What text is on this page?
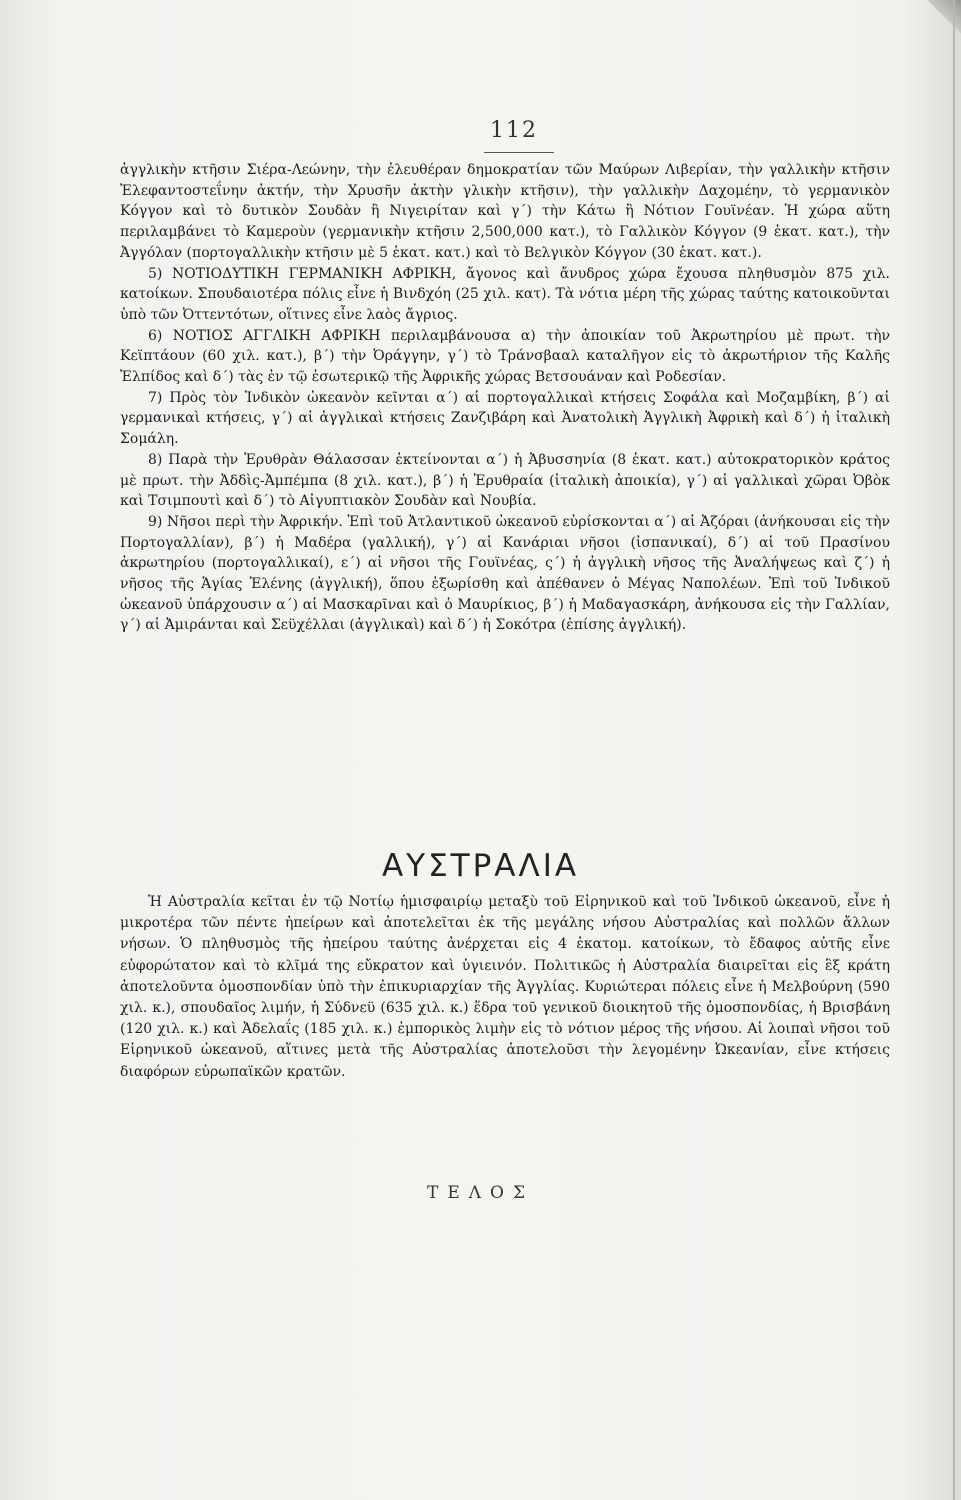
112

ἀγγλικὴν κτῆσιν Σιέρα-Λεώνην, τὴν ἐλευθέραν δημοκρατίαν τῶν Μαύρων Λιβερίαν, τὴν γαλλικὴν κτῆσιν Ἐλεφαντοστεΐνην ἀκτήν, τὴν Χρυσῆν ἀκτὴν γλικὴν κτῆσιν), τὴν γαλλικὴν Δαχομέην, τὸ γερμανικὸν Κόγγον καὶ τὸ δυτικὸν Σουδὰν ἢ Νιγειρίταν καὶ γ΄) τὴν Κάτω ἢ Νότιον Γουϊνέαν. Ἡ χώρα αὕτη περιλαμβάνει τὸ Καμεροὺν (γερμανικὴν κτῆσιν 2,500,000 κατ.), τὸ Γαλλικὸν Κόγγον (9 ἑκατ. κατ.), τὴν Ἀγγόλαν (πορτογαλλικὴν κτῆσιν μὲ 5 ἑκατ. κατ.) καὶ τὸ Βελγικὸν Κόγγον (30 ἑκατ. κατ.).

5) ΝΟΤΙΟΔΥΤΙΚΗ ΓΕΡΜΑΝΙΚΗ ΑΦΡΙΚΗ, ἄγονος καὶ ἄνυδρος χώρα ἔχουσα πληθυσμὸν 875 χιλ. κατοίκων. Σπουδαιοτέρα πόλις εἶνε ἡ Βινδχόη (25 χιλ. κατ). Τὰ νότια μέρη τῆς χώρας ταύτης κατοικοῦνται ὑπὸ τῶν Ὀττεντότων, οἵτινες εἶνε λαὸς ἄγριος.

6) ΝΟΤΙΟΣ ΑΓΓΛΙΚΗ ΑΦΡΙΚΗ περιλαμβάνουσα α) τὴν ἀποικίαν τοῦ Ἀκρωτηρίου μὲ πρωτ. τὴν Κεϊπτάουν (60 χιλ. κατ.), β΄) τὴν Ὀράγγην, γ΄) τὸ Τράνσβααλ καταλῆγον εἰς τὸ ἀκρωτήριον τῆς Καλῆς Ἐλπίδος καὶ δ΄) τὰς ἐν τῷ ἐσωτερικῷ τῆς Ἀφρικῆς χώρας Βετσουάναν καὶ Ροδεσίαν.

7) Πρὸς τὸν Ἰνδικὸν ὠκεανὸν κεῖνται α΄) αἱ πορτογαλλικαὶ κτήσεις Σοφάλα καὶ Μοζαμβίκη, β΄) αἱ γερμανικαὶ κτήσεις, γ΄) αἱ ἀγγλικαὶ κτήσεις Ζανζιβάρη καὶ Ἀνατολικὴ Ἀγγλικὴ Ἀφρικὴ καὶ δ΄) ἡ ἰταλικὴ Σομάλη.

8) Παρὰ τὴν Ἐρυθρὰν Θάλασσαν ἐκτείνονται α΄) ἡ Ἀβυσσηνία (8 ἑκατ. κατ.) αὐτοκρατορικὸν κράτος μὲ πρωτ. τὴν Ἀδδὶς-Ἀμπέμπα (8 χιλ. κατ.), β΄) ἡ Ἐρυθραία (ἰταλικὴ ἀποικία), γ΄) αἱ γαλλικαὶ χῶραι Ὀβὸκ καὶ Τσιμπουτὶ καὶ δ΄) τὸ Αἰγυπτιακὸν Σουδὰν καὶ Νουβία.

9) Νῆσοι περὶ τὴν Ἀφρικήν. Ἐπὶ τοῦ Ἀτλαντικοῦ ὠκεανοῦ εὑρίσκονται α΄) αἱ Ἀζόραι (ἀνήκουσαι εἰς τὴν Πορτογαλλίαν), β΄) ἡ Μαδέρα (γαλλική), γ΄) αἱ Κανάριαι νῆσοι (ἰσπανικαί), δ΄) αἱ τοῦ Πρασίνου ἀκρωτηρίου (πορτογαλλικαί), ε΄) αἱ νῆσοι τῆς Γουϊνέας, ς΄) ἡ ἀγγλικὴ νῆσος τῆς Ἀναλήψεως καὶ ζ΄) ἡ νῆσος τῆς Ἁγίας Ἑλένης (ἀγγλική), ὅπου ἐξωρίσθη καὶ ἀπέθανεν ὁ Μέγας Ναπολέων. Ἐπὶ τοῦ Ἰνδικοῦ ὠκεανοῦ ὑπάρχουσιν α΄) αἱ Μασκαρῖναι καὶ ὁ Μαυρίκιος, β΄) ἡ Μαδαγασκάρη, ἀνήκουσα εἰς τὴν Γαλλίαν, γ΄) αἱ Ἀμιράνται καὶ Σεϋχέλλαι (ἀγγλικαὶ) καὶ δ΄) ἡ Σοκότρα (ἐπίσης ἀγγλική).

ΑΥΣΤΡΑΛΙΑ

Ἡ Αὐστραλία κεῖται ἐν τῷ Νοτίῳ ἡμισφαιρίῳ μεταξὺ τοῦ Εἰρηνικοῦ καὶ τοῦ Ἰνδικοῦ ὠκεανοῦ, εἶνε ἡ μικροτέρα τῶν πέντε ἠπείρων καὶ ἀποτελεῖται ἐκ τῆς μεγάλης νήσου Αὐστραλίας καὶ πολλῶν ἄλλων νήσων. Ὁ πληθυσμὸς τῆς ἠπείρου ταύτης ἀνέρχεται εἰς 4 ἑκατομ. κατοίκων, τὸ ἔδαφος αὐτῆς εἶνε εὐφορώτατον καὶ τὸ κλῖμά της εὔκρατον καὶ ὑγιεινόν. Πολιτικῶς ἡ Αὐστραλία διαιρεῖται εἰς ἓξ κράτη ἀποτελοῦντα ὁμοσπονδίαν ὑπὸ τὴν ἐπικυριαρχίαν τῆς Ἀγγλίας. Κυριώτεραι πόλεις εἶνε ἡ Μελβούρνη (590 χιλ. κ.), σπουδαῖος λιμήν, ἡ Σύδνεϋ (635 χιλ. κ.) ἕδρα τοῦ γενικοῦ διοικητοῦ τῆς ὁμοσπονδίας, ἡ Βρισβάνη (120 χιλ. κ.) καὶ Ἀδελαΐς (185 χιλ. κ.) ἐμπορικὸς λιμὴν εἰς τὸ νότιον μέρος τῆς νήσου. Αἱ λοιπαὶ νῆσοι τοῦ Εἰρηνικοῦ ὠκεανοῦ, αἵτινες μετὰ τῆς Αὐστραλίας ἀποτελοῦσι τὴν λεγομένην Ὠκεανίαν, εἶνε κτήσεις διαφόρων εὐρωπαϊκῶν κρατῶν.

ΤΕΛΟΣ
